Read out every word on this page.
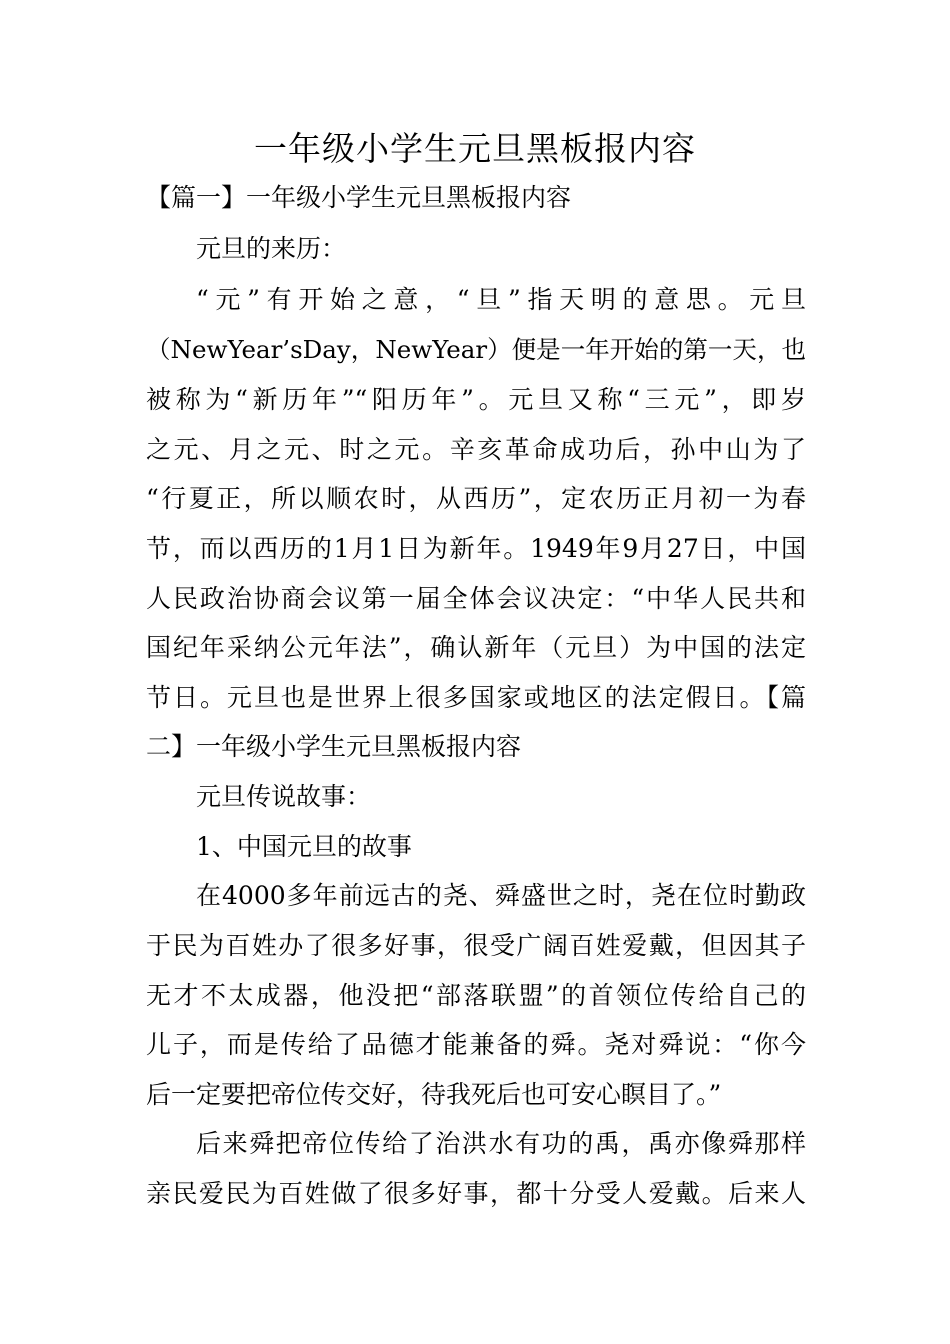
一年级小学生元旦黑板报内容
【篇一】一年级小学生元旦黑板报内容
元旦的来历：
“元”有开始之意，“旦”指天明的意思。元旦
（NewYear’sDay，NewYear）便是一年开始的第一天，也
被称为“新历年”“阳历年”。元旦又称“三元”，即岁
之元、月之元、时之元。辛亥革命成功后，孙中山为了
“行夏正，所以顺农时，从西历”，定农历正月初一为春
节，而以西历的1月1日为新年。1949年9月27日，中国
人民政治协商会议第一届全体会议决定：“中华人民共和
国纪年采纳公元年法”，确认新年（元旦）为中国的法定
节日。元旦也是世界上很多国家或地区的法定假日。【篇
二】一年级小学生元旦黑板报内容
元旦传说故事：
1、中国元旦的故事
在4000多年前远古的尧、舜盛世之时，尧在位时勤政
于民为百姓办了很多好事，很受广阔百姓爱戴，但因其子
无才不太成器，他没把“部落联盟”的首领位传给自己的
儿子，而是传给了品德才能兼备的舜。尧对舜说：“你今
后一定要把帝位传交好，待我死后也可安心瞑目了。”
后来舜把帝位传给了治洪水有功的禹，禹亦像舜那样
亲民爱民为百姓做了很多好事，都十分受人爱戴。后来人
